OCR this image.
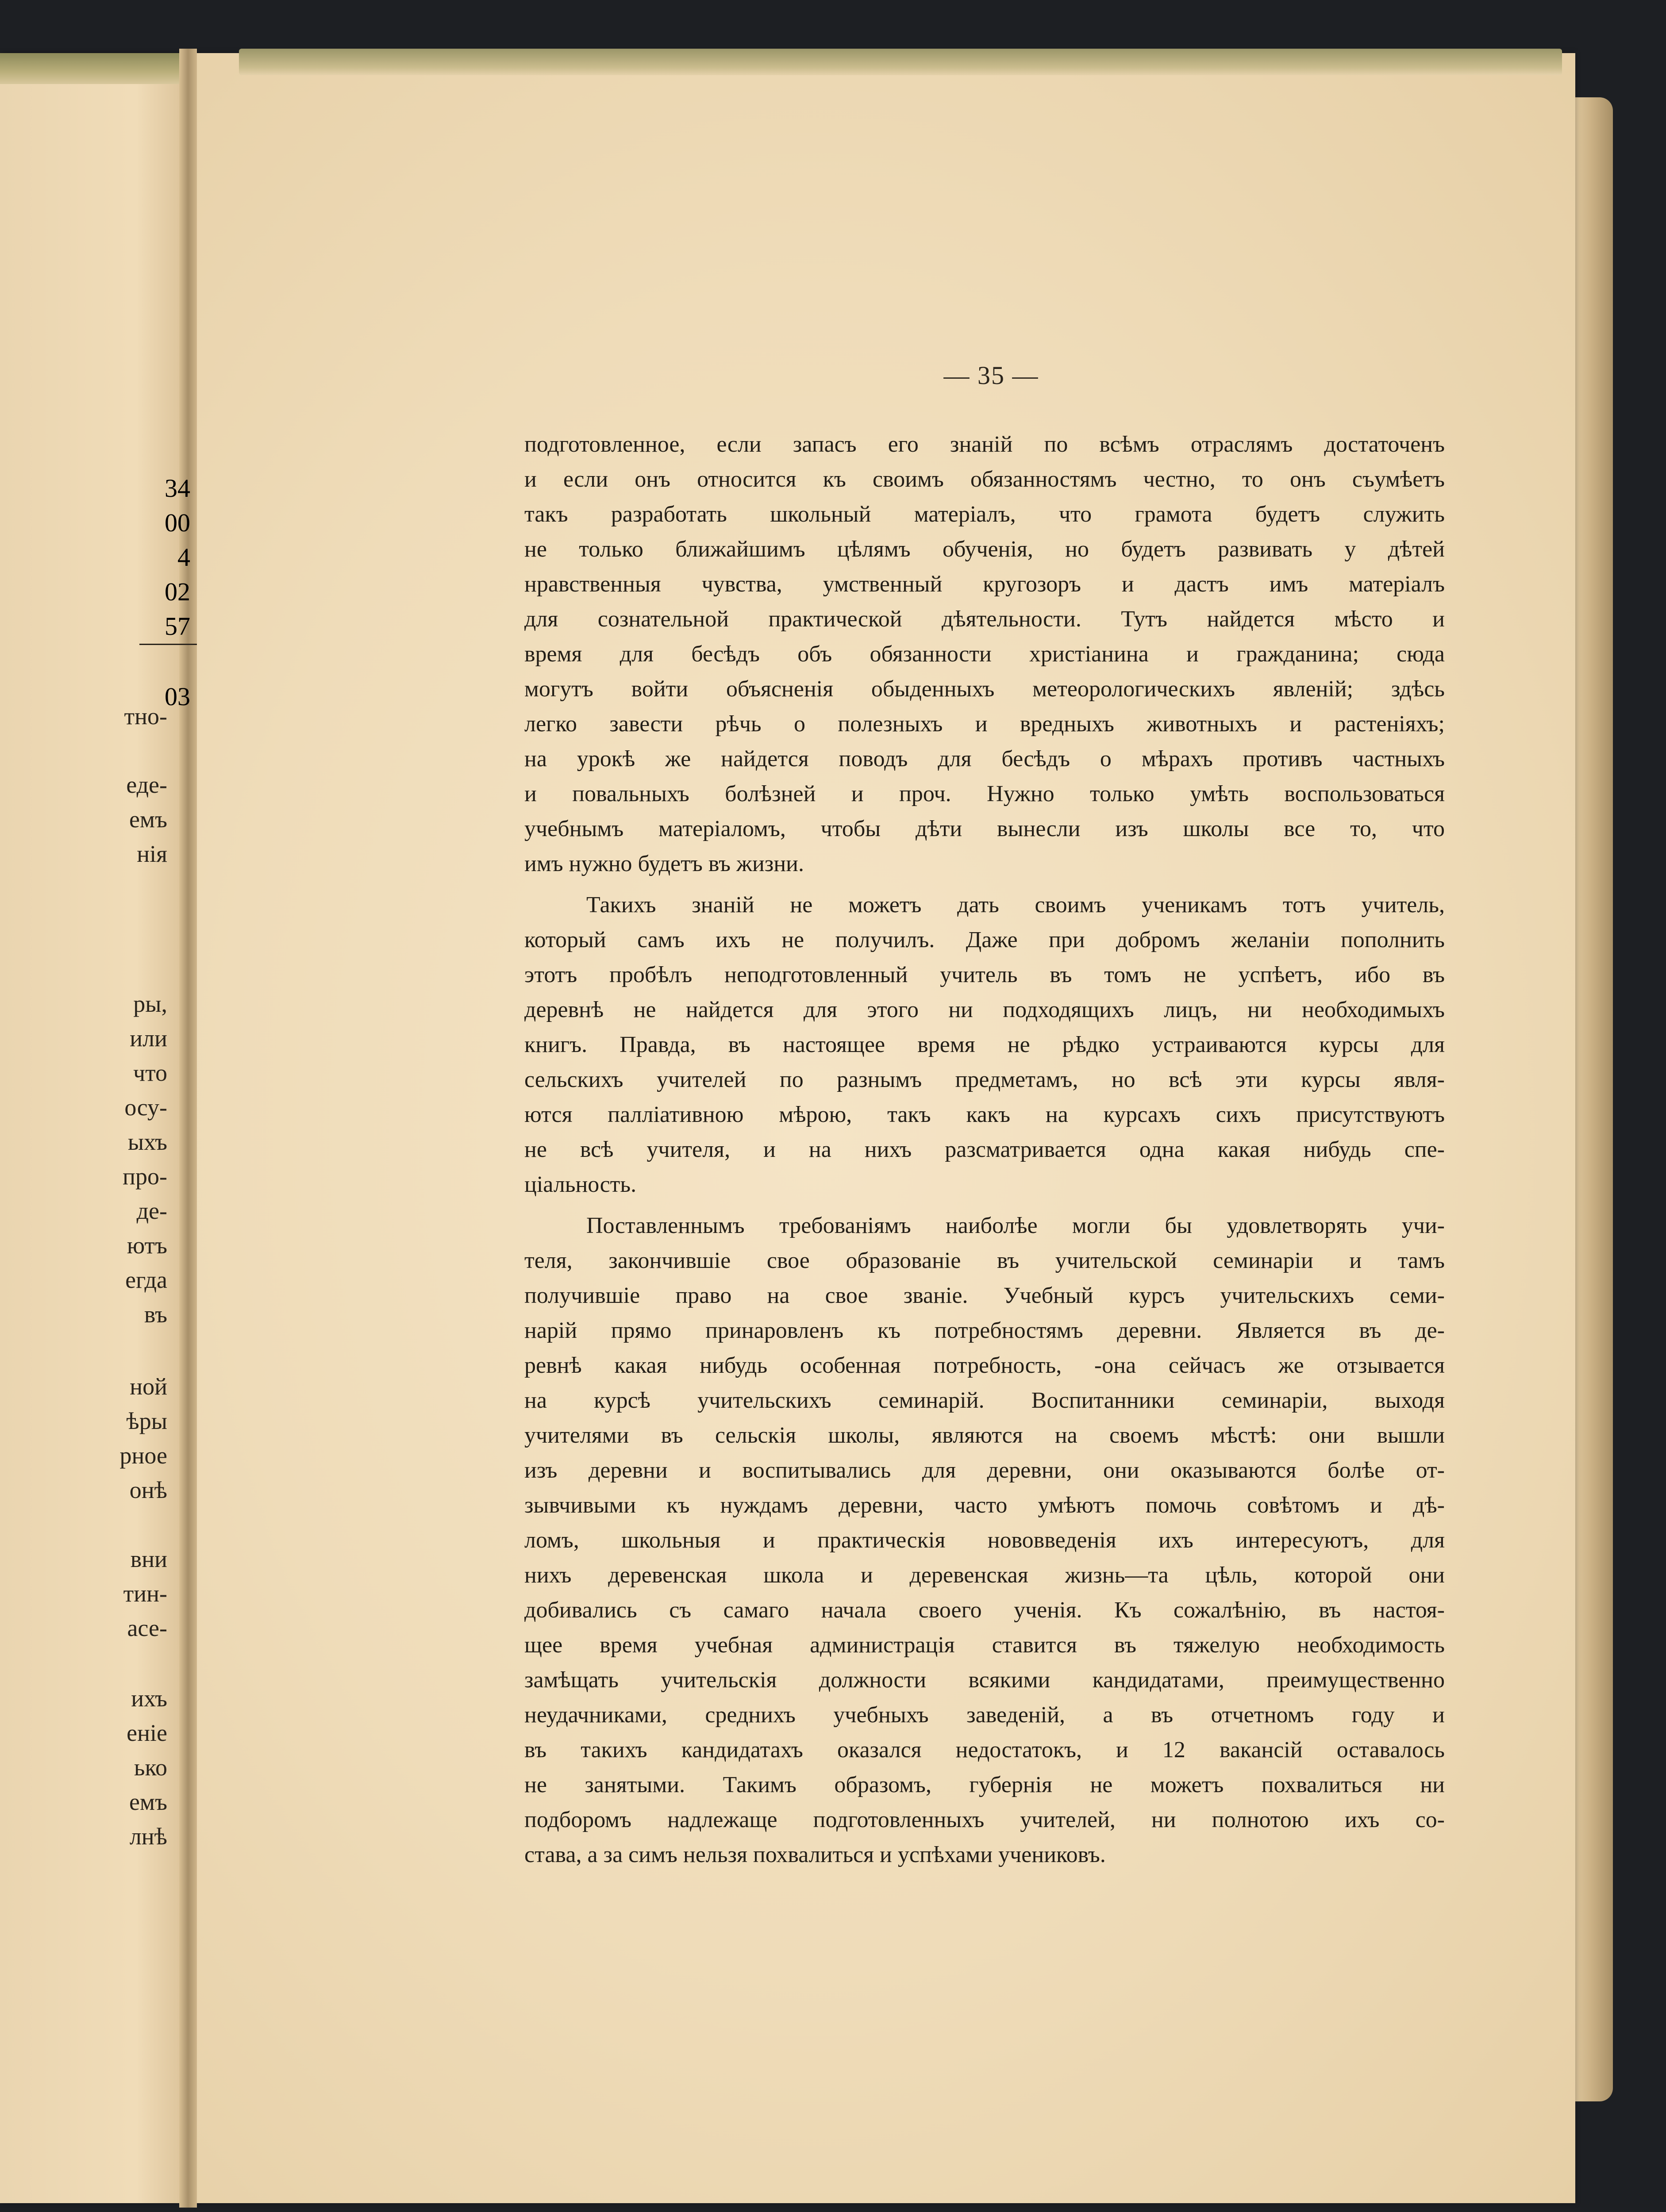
34
00
4
02
57
03
тно-
еде-
емъ
нія
ры,
или
что
осу-
ыхъ
про-
де-
ютъ
егда
въ
ной
ѣры
рное
онѣ
вни
тин-
асе-
ихъ
еніе
ько
емъ
лнѣ
— 35 —
подготовленное, если запасъ его знаній по всѣмъ отраслямъ достаточенъ
и если онъ относится къ своимъ обязанностямъ честно, то онъ съумѣетъ
такъ разработать школьный матеріалъ, что грамота будетъ служить
не только ближайшимъ цѣлямъ обученія, но будетъ развивать у дѣтей
нравственныя чувства, умственный кругозоръ и дастъ имъ матеріалъ
для сознательной практической дѣятельности. Тутъ найдется мѣсто и
время для бесѣдъ объ обязанности христіанина и гражданина; сюда
могутъ войти объясненія обыденныхъ метеорологическихъ явленій; здѣсь
легко завести рѣчь о полезныхъ и вредныхъ животныхъ и растеніяхъ;
на урокѣ же найдется поводъ для бесѣдъ о мѣрахъ противъ частныхъ
и повальныхъ болѣзней и проч. Нужно только умѣть воспользоваться
учебнымъ матеріаломъ, чтобы дѣти вынесли изъ школы все то, что
имъ нужно будетъ въ жизни.
Такихъ знаній не можетъ дать своимъ ученикамъ тотъ учитель,
который самъ ихъ не получилъ. Даже при добромъ желаніи пополнить
этотъ пробѣлъ неподготовленный учитель въ томъ не успѣетъ, ибо въ
деревнѣ не найдется для этого ни подходящихъ лицъ, ни необходимыхъ
книгъ. Правда, въ настоящее время не рѣдко устраиваются курсы для
сельскихъ учителей по разнымъ предметамъ, но всѣ эти курсы явля-
ются палліативною мѣрою, такъ какъ на курсахъ сихъ присутствуютъ
не всѣ учителя, и на нихъ разсматривается одна какая нибудь спе-
ціальность.
Поставленнымъ требованіямъ наиболѣе могли бы удовлетворять учи-
теля, закончившіе свое образованіе въ учительской семинаріи и тамъ
получившіе право на свое званіе. Учебный курсъ учительскихъ семи-
нарій прямо принаровленъ къ потребностямъ деревни. Является въ де-
ревнѣ какая нибудь особенная потребность, -она сейчасъ же отзывается
на курсѣ учительскихъ семинарій. Воспитанники семинаріи, выходя
учителями въ сельскія школы, являются на своемъ мѣстѣ: они вышли
изъ деревни и воспитывались для деревни, они оказываются болѣе от-
зывчивыми къ нуждамъ деревни, часто умѣютъ помочь совѣтомъ и дѣ-
ломъ, школьныя и практическія нововведенія ихъ интересуютъ, для
нихъ деревенская школа и деревенская жизнь—та цѣль, которой они
добивались съ самаго начала своего ученія. Къ сожалѣнію, въ настоя-
щее время учебная администрація ставится въ тяжелую необходимость
замѣщать учительскія должности всякими кандидатами, преимущественно
неудачниками, среднихъ учебныхъ заведеній, а въ отчетномъ году и
въ такихъ кандидатахъ оказался недостатокъ, и 12 вакансій оставалось
не занятыми. Такимъ образомъ, губернія не можетъ похвалиться ни
подборомъ надлежаще подготовленныхъ учителей, ни полнотою ихъ со-
става, а за симъ нельзя похвалиться и успѣхами учениковъ.
